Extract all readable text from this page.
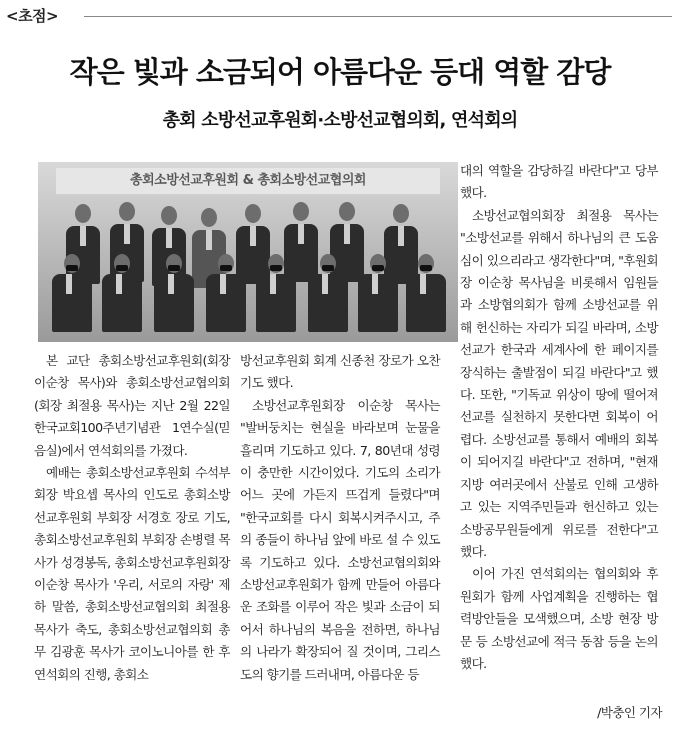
<초점>
작은 빛과 소금되어 아름다운 등대 역할 감당
총회 소방선교후원회·소방선교협의회, 연석회의
총회소방선교후원회 & 총회소방선교협의회

본 교단 총회소방선교후원회(회장 이순창 목사)와 총회소방선교협의회(회장 최절용 목사)는 지난 2월 22일 한국교회100주년기념관 1연수실(믿음실)에서 연석회의를 가졌다.

예배는 총회소방선교후원회 수석부회장 박요셉 목사의 인도로 총회소방선교후원회 부회장 서경호 장로 기도, 총회소방선교후원회 부회장 손병렬 목사가 성경봉독, 총회소방선교후원회장 이순창 목사가 '우리, 서로의 자랑' 제하 말씀, 총회소방선교협의회 최절용 목사가 축도, 총회소방선교협의회 총무 김광훈 목사가 코이노니아를 한 후 연석회의 진행, 총회소

방선교후원회 회계 신종천 장로가 오찬기도 했다.

소방선교후원회장 이순창 목사는 "발버둥치는 현실을 바라보며 눈물을 흘리며 기도하고 있다. 7, 80년대 성령이 충만한 시간이었다. 기도의 소리가 어느 곳에 가든지 뜨겁게 들렸다"며 "한국교회를 다시 회복시켜주시고, 주의 종들이 하나님 앞에 바로 설 수 있도록 기도하고 있다. 소방선교협의회와 소방선교후원회가 함께 만들어 아름다운 조화를 이루어 작은 빛과 소금이 되어서 하나님의 복음을 전하면, 하나님의 나라가 확장되어 질 것이며, 그리스도의 향기를 드러내며, 아름다운 등

대의 역할을 감당하길 바란다"고 당부했다.

소방선교협의회장 최절용 목사는 "소방선교를 위해서 하나님의 큰 도움심이 있으리라고 생각한다"며, "후원회장 이순창 목사님을 비롯해서 임원들과 소방협의회가 함께 소방선교를 위해 헌신하는 자리가 되길 바라며, 소방선교가 한국과 세계사에 한 페이지를 장식하는 출발점이 되길 바란다"고 했다. 또한, "기독교 위상이 땅에 떨어져 선교를 실천하지 못한다면 회복이 어렵다. 소방선교를 통해서 예배의 회복이 되어지길 바란다"고 전하며, "현재 지방 여러곳에서 산불로 인해 고생하고 있는 지역주민들과 헌신하고 있는 소방공무원들에게 위로를 전한다"고 했다.

이어 가진 연석회의는 협의회와 후원회가 함께 사업계획을 진행하는 협력방안들을 모색했으며, 소방 현장 방문 등 소방선교에 적극 동참 등을 논의했다.

/박충인 기자
